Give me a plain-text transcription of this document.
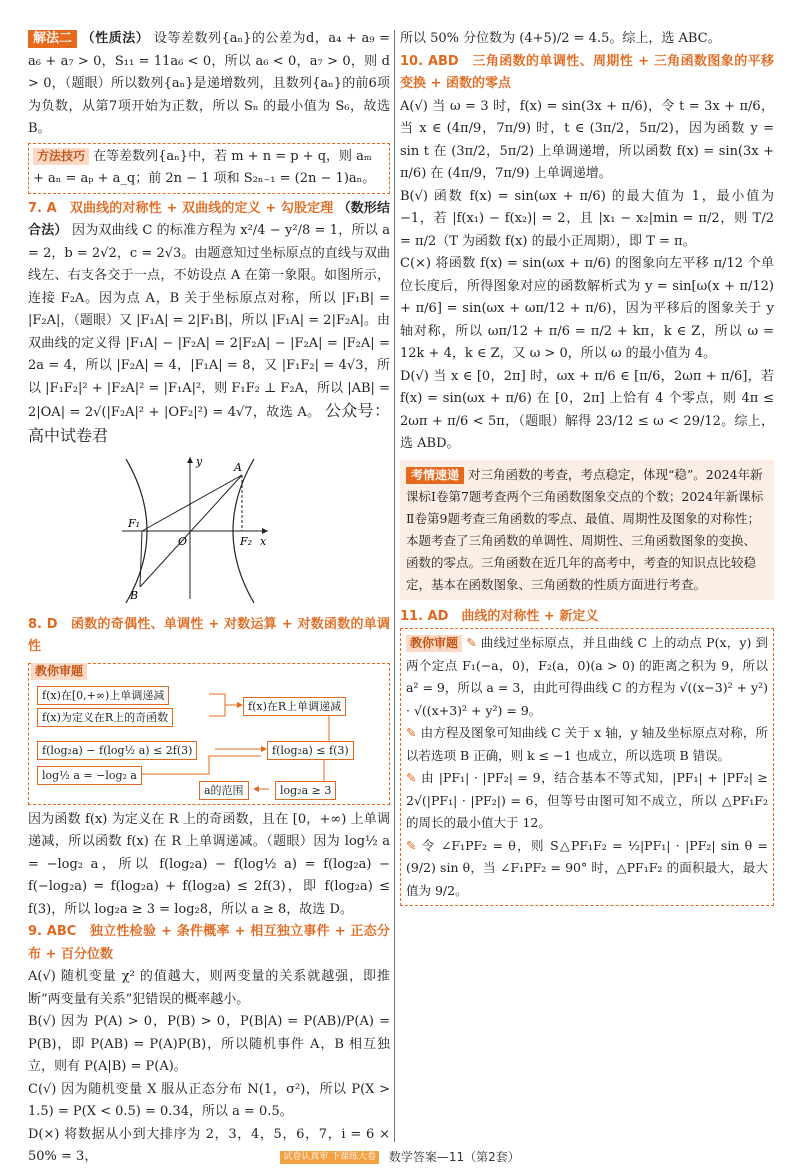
解法二 （性质法） 设等差数列{aₙ}的公差为d，a₄ + a₉ = a₆ + a₇ > 0，S₁₁ = 11a₆ < 0，所以 a₆ < 0，a₇ > 0，则 d > 0，（题眼）所以数列{aₙ}是递增数列，且数列{aₙ}的前6项为负数，从第7项开始为正数，所以 Sₙ 的最小值为 S₆，故选 B。

方法技巧 在等差数列{aₙ}中，若 m + n = p + q，则 aₘ + aₙ = aₚ + a_q；前 2n − 1 项和 S₂ₙ₋₁ = (2n − 1)aₙ。

7. A　双曲线的对称性 + 双曲线的定义 + 勾股定理 （数形结合法） 因为双曲线 C 的标准方程为 x²/4 − y²/8 = 1，所以 a = 2，b = 2√2，c = 2√3。由题意知过坐标原点的直线与双曲线左、右支各交于一点，不妨设点 A 在第一象限。如图所示，连接 F₂A。因为点 A，B 关于坐标原点对称，所以 |F₁B| = |F₂A|，（题眼）又 |F₁A| = 2|F₁B|，所以 |F₁A| = 2|F₂A|。由双曲线的定义得 |F₁A| − |F₂A| = 2|F₂A| − |F₂A| = |F₂A| = 2a = 4，所以 |F₂A| = 4，|F₁A| = 8，又 |F₁F₂| = 4√3，所以 |F₁F₂|² + |F₂A|² = |F₁A|²，则 F₁F₂ ⊥ F₂A，所以 |AB| = 2|OA| = 2√(|F₂A|² + |OF₂|²) = 4√7，故选 A。 公众号：高中试卷君

y
x
A
B
O
F₁
F₂

8. D　函数的奇偶性、单调性 + 对数运算 + 对数函数的单调性

教你审题
f(x)在[0,+∞)上单调递减
f(x)为定义在R上的奇函数
f(x)在R上单调递减
f(log₂a) − f(log½ a) ≤ 2f(3)	f(log₂a) ≤ f(3)
log½ a = −log₂ a
a的范围	log₂a ≥ 3

因为函数 f(x) 为定义在 R 上的奇函数，且在 [0，+∞) 上单调递减，所以函数 f(x) 在 R 上单调递减。（题眼）因为 log½ a = −log₂ a，所以 f(log₂a) − f(log½ a) = f(log₂a) − f(−log₂a) = f(log₂a) + f(log₂a) ≤ 2f(3)，即 f(log₂a) ≤ f(3)，所以 log₂a ≥ 3 = log₂8，所以 a ≥ 8，故选 D。

9. ABC　独立性检验 + 条件概率 + 相互独立事件 + 正态分布 + 百分位数

A(√) 随机变量 χ² 的值越大，则两变量的关系就越强，即推断“两变量有关系”犯错误的概率越小。

B(√) 因为 P(A) > 0，P(B) > 0，P(B|A) = P(AB)/P(A) = P(B)，即 P(AB) = P(A)P(B)，所以随机事件 A，B 相互独立，则有 P(A|B) = P(A)。

C(√) 因为随机变量 X 服从正态分布 N(1，σ²)，所以 P(X > 1.5) = P(X < 0.5) = 0.34，所以 a = 0.5。

D(×) 将数据从小到大排序为 2，3，4，5，6，7，i = 6 × 50% = 3，

所以 50% 分位数为 (4+5)/2 = 4.5。综上，选 ABC。

10. ABD　三角函数的单调性、周期性 + 三角函数图象的平移变换 + 函数的零点

A(√) 当 ω = 3 时，f(x) = sin(3x + π/6)，令 t = 3x + π/6，当 x ∈ (4π/9，7π/9) 时，t ∈ (3π/2，5π/2)，因为函数 y = sin t 在 (3π/2，5π/2) 上单调递增，所以函数 f(x) = sin(3x + π/6) 在 (4π/9，7π/9) 上单调递增。

B(√) 函数 f(x) = sin(ωx + π/6) 的最大值为 1，最小值为 −1，若 |f(x₁) − f(x₂)| = 2，且 |x₁ − x₂|min = π/2，则 T/2 = π/2（T 为函数 f(x) 的最小正周期），即 T = π。

C(×) 将函数 f(x) = sin(ωx + π/6) 的图象向左平移 π/12 个单位长度后，所得图象对应的函数解析式为 y = sin[ω(x + π/12) + π/6] = sin(ωx + ωπ/12 + π/6)，因为平移后的图象关于 y 轴对称，所以 ωπ/12 + π/6 = π/2 + kπ，k ∈ Z，所以 ω = 12k + 4，k ∈ Z，又 ω > 0，所以 ω 的最小值为 4。

D(√) 当 x ∈ [0，2π] 时，ωx + π/6 ∈ [π/6，2ωπ + π/6]，若 f(x) = sin(ωx + π/6) 在 [0，2π] 上恰有 4 个零点，则 4π ≤ 2ωπ + π/6 < 5π，（题眼）解得 23/12 ≤ ω < 29/12。综上，选 ABD。

考情速递 对三角函数的考查，考点稳定，体现“稳”。2024年新课标Ⅰ卷第7题考查两个三角函数图象交点的个数；2024年新课标Ⅱ卷第9题考查三角函数的零点、最值、周期性及图象的对称性；本题考查了三角函数的单调性、周期性、三角函数图象的变换、函数的零点。三角函数在近几年的高考中，考查的知识点比较稳定，基本在函数图象、三角函数的性质方面进行考查。

11. AD　曲线的对称性 + 新定义

教你审题 ✎ 曲线过坐标原点，并且曲线 C 上的动点 P(x，y) 到两个定点 F₁(−a，0)，F₂(a，0)(a > 0) 的距离之积为 9，所以 a² = 9，所以 a = 3，由此可得曲线 C 的方程为 √((x−3)² + y²) · √((x+3)² + y²) = 9。

✎ 由方程及图象可知曲线 C 关于 x 轴，y 轴及坐标原点对称，所以若选项 B 正确，则 k ≤ −1 也成立，所以选项 B 错误。

✎ 由 |PF₁| · |PF₂| = 9，结合基本不等式知，|PF₁| + |PF₂| ≥ 2√(|PF₁| · |PF₂|) = 6，但等号由图可知不成立，所以 △PF₁F₂ 的周长的最小值大于 12。

✎ 令 ∠F₁PF₂ = θ，则 S△PF₁F₂ = ½|PF₁| · |PF₂| sin θ = (9/2) sin θ，当 ∠F₁PF₂ = 90° 时，△PF₁F₂ 的面积最大，最大值为 9/2。

试卷认真审 下课练大卷 数学答案—11（第2套）
